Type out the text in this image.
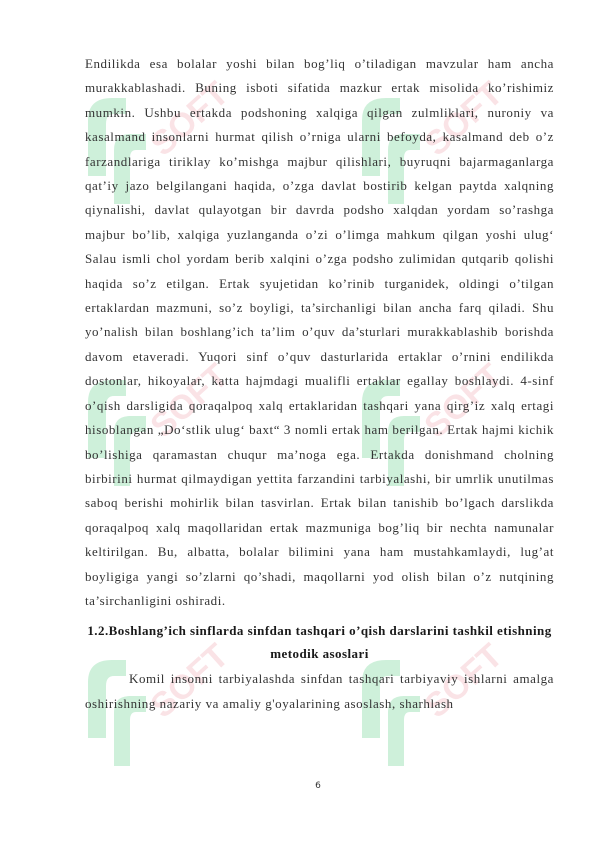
Endilikda esa bolalar yoshi bilan bog’liq o’tiladigan mavzular ham ancha murakkablashadi. Buning isboti sifatida mazkur ertak misolida ko’rishimiz mumkin. Ushbu ertakda podshoning xalqiga qilgan zulmliklari, nuroniy va kasalmand insonlarni hurmat qilish o’rniga ularni befoyda, kasalmand deb o’z farzandlariga tiriklay ko’mishga majbur qilishlari, buyruqni bajarmaganlarga qat’iy jazo belgilangani haqida, o’zga davlat bostirib kelgan paytda xalqning qiynalishi, davlat qulayotgan bir davrda podsho xalqdan yordam so’rashga majbur bo’lib, xalqiga yuzlanganda o’zi o’limga mahkum qilgan yoshi ulug‘ Salau ismli chol yordam berib xalqini o’zga podsho zulimidan qutqarib qolishi haqida so’z etilgan. Ertak syujetidan ko’rinib turganidek, oldingi o’tilgan ertaklardan mazmuni, so’z boyligi, ta’sirchanligi bilan ancha farq qiladi. Shu yo’nalish bilan boshlang’ich ta’lim o’quv da’sturlari murakkablashib borishda davom etaveradi. Yuqori sinf o’quv dasturlarida ertaklar o’rnini endilikda dostonlar, hikoyalar, katta hajmdagi mualifli ertaklar egallay boshlaydi. 4-sinf o’qish darsligida qoraqalpoq xalq ertaklaridan tashqari yana qirg’iz xalq ertagi hisoblangan „Do‘stlik ulug‘ baxt“ 3 nomli ertak ham berilgan. Ertak hajmi kichik bo’lishiga qaramastan chuqur ma’noga ega. Ertakda donishmand cholning birbirini hurmat qilmaydigan yettita farzandini tarbiyalashi, bir umrlik unutilmas saboq berishi mohirlik bilan tasvirlan. Ertak bilan tanishib bo’lgach darslikda qoraqalpoq xalq maqollaridan ertak mazmuniga bog’liq bir nechta namunalar keltirilgan. Bu, albatta, bolalar bilimini yana ham mustahkamlaydi, lug’at boyligiga yangi so’zlarni qo’shadi, maqollarni yod olish bilan o’z nutqining ta’sirchanligini oshiradi.

1.2.Boshlang’ich sinflarda sinfdan tashqari o’qish darslarini tashkil etishning metodik asoslari

Komil insonni tarbiyalashda sinfdan tashqari tarbiyaviy ishlarni amalga oshirishning nazariy va amaliy g'oyalarining asoslash, sharhlash

6
